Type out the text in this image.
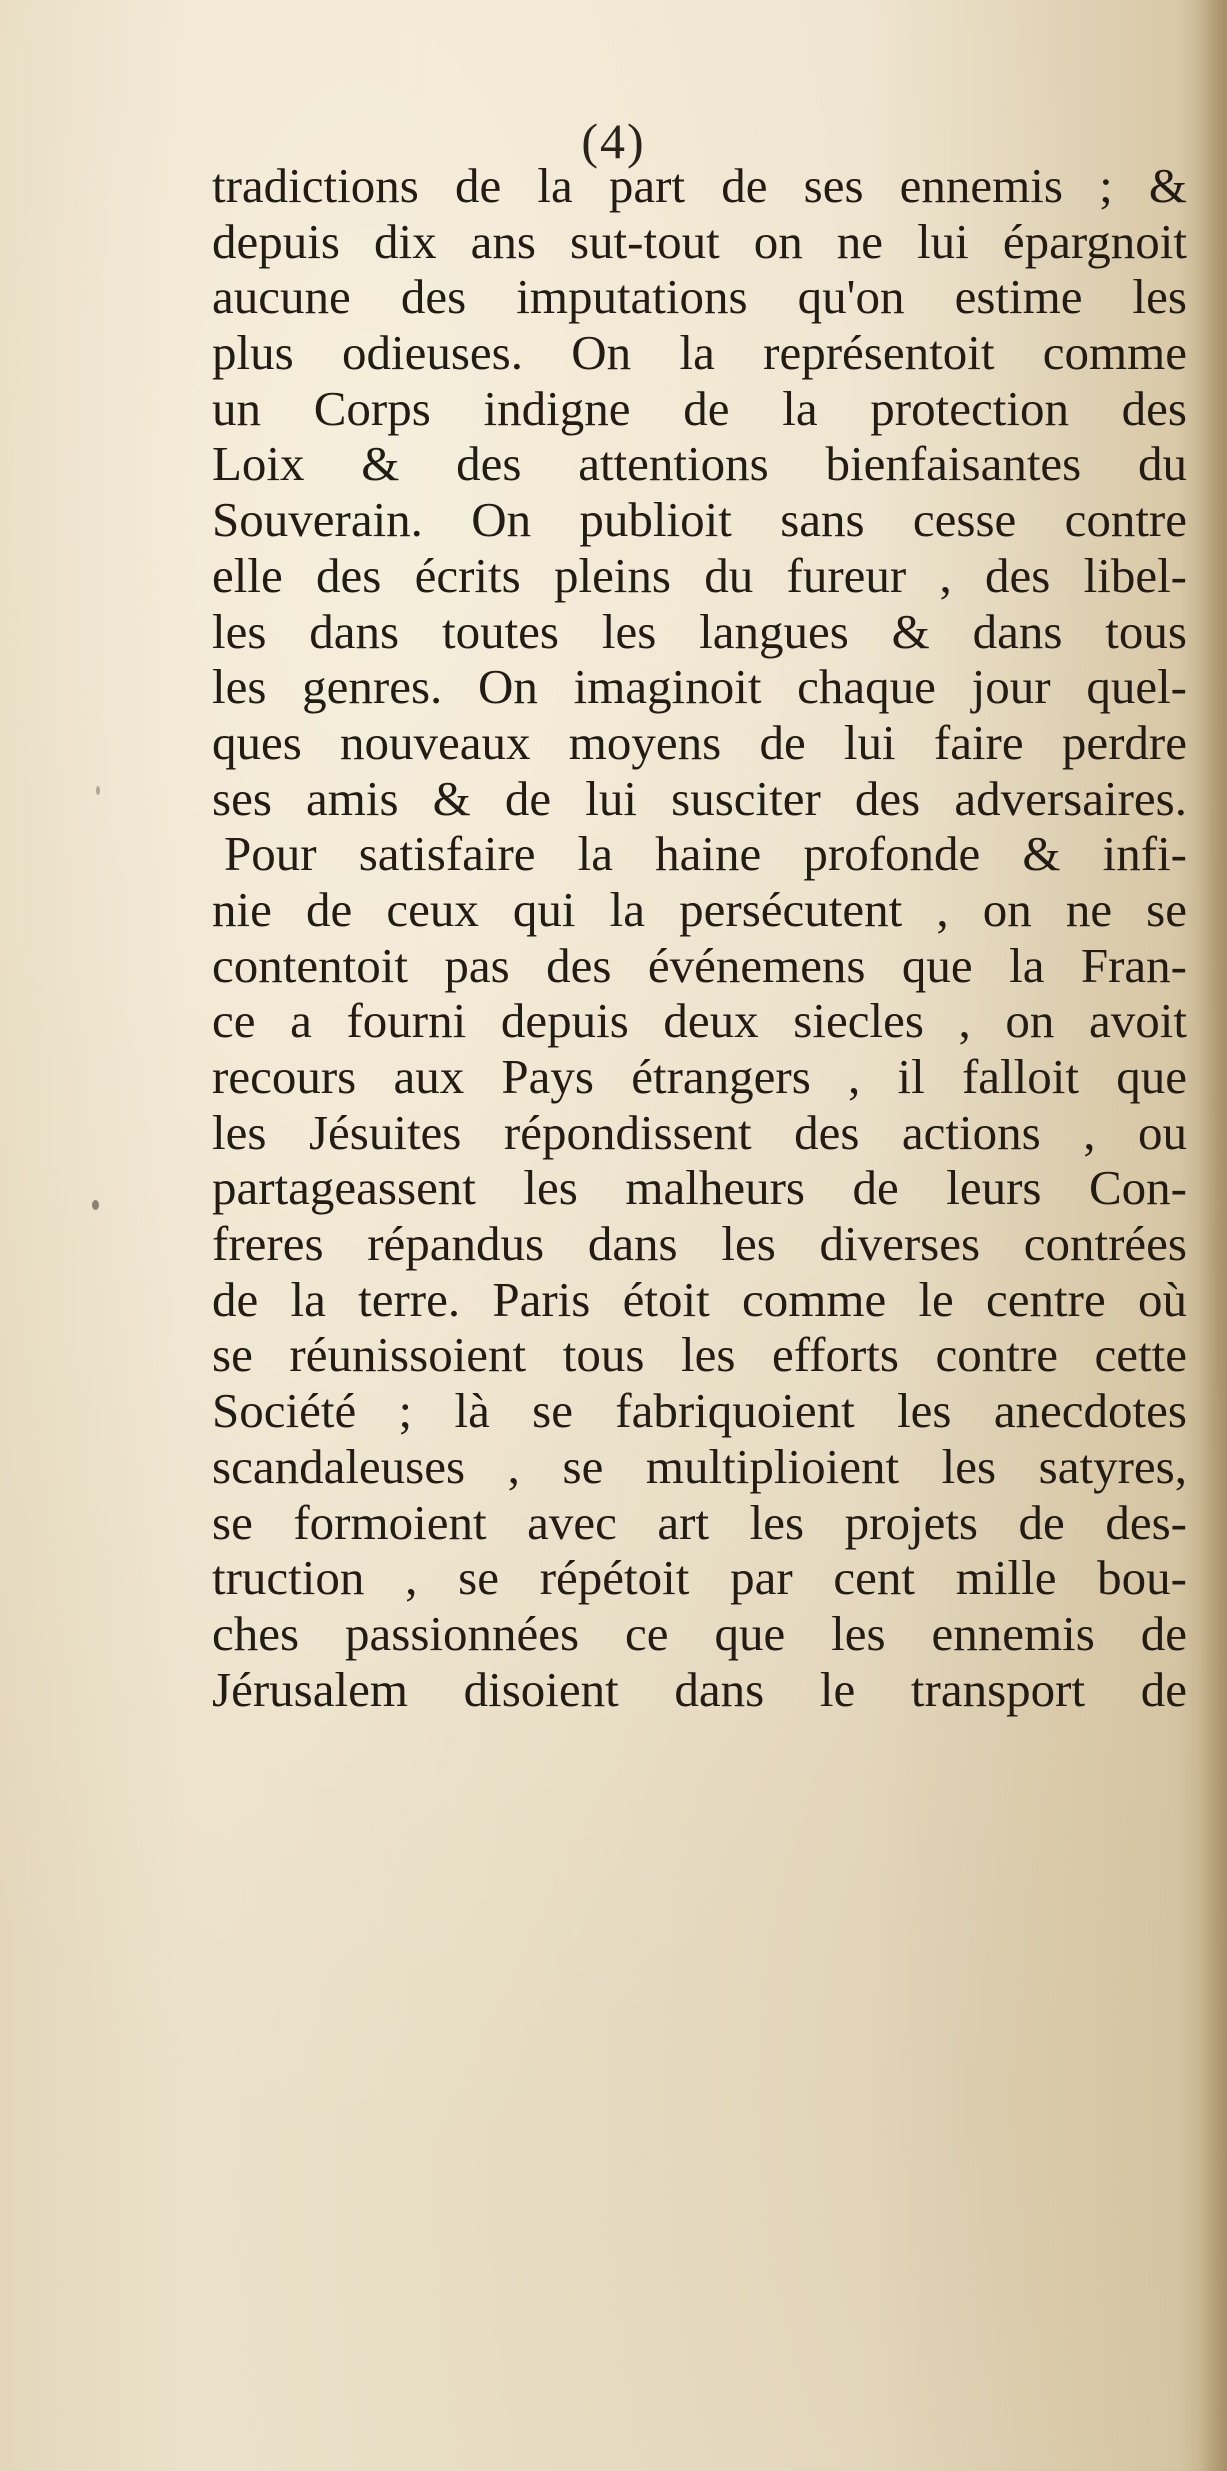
(4)
tradictions de la part de ses ennemis ; &
depuis dix ans sut-tout on ne lui épargnoit
aucune des imputations qu'on estime les
plus odieuses. On la représentoit comme
un Corps indigne de la protection des
Loix & des attentions bienfaisantes du
Souverain. On publioit sans cesse contre
elle des écrits pleins du fureur , des libel-
les dans toutes les langues & dans tous
les genres. On imaginoit chaque jour quel-
ques nouveaux moyens de lui faire perdre
ses amis & de lui susciter des adversaires.
Pour satisfaire la haine profonde & infi-
nie de ceux qui la persécutent , on ne se
contentoit pas des événemens que la Fran-
ce a fourni depuis deux siecles , on avoit
recours aux Pays étrangers , il falloit que
les Jésuites répondissent des actions , ou
partageassent les malheurs de leurs Con-
freres répandus dans les diverses contrées
de la terre. Paris étoit comme le centre où
se réunissoient tous les efforts contre cette
Société ; là se fabriquoient les anecdotes
scandaleuses , se multiplioient les satyres,
se formoient avec art les projets de des-
truction , se répétoit par cent mille bou-
ches passionnées ce que les ennemis de
Jérusalem disoient dans le transport de
